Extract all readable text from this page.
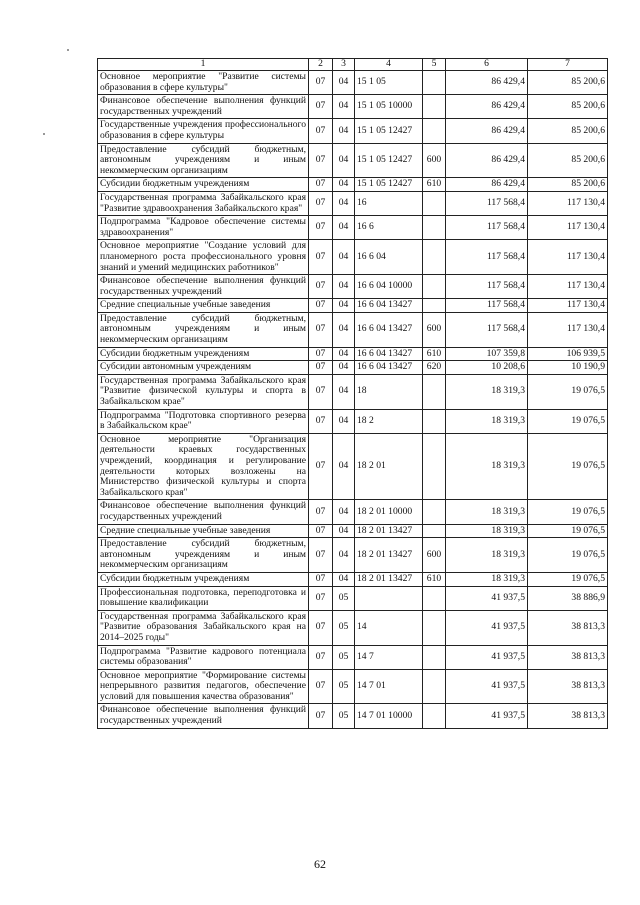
1	2	3	4	5	6	7
Основное мероприятие "Развитие системы образования в сфере культуры"	07	04	15 1 05		86 429,4	85 200,6
Финансовое обеспечение выполнения функций государственных учреждений	07	04	15 1 05 10000		86 429,4	85 200,6
Государственные учреждения профессионального образования в сфере культуры	07	04	15 1 05 12427		86 429,4	85 200,6
Предоставление субсидий бюджетным, автономным учреждениям и иным некоммерческим организациям	07	04	15 1 05 12427	600	86 429,4	85 200,6
Субсидии бюджетным учреждениям	07	04	15 1 05 12427	610	86 429,4	85 200,6
Государственная программа Забайкальского края "Развитие здравоохранения Забайкальского края"	07	04	16		117 568,4	117 130,4
Подпрограмма "Кадровое обеспечение системы здравоохранения"	07	04	16 6		117 568,4	117 130,4
Основное мероприятие "Создание условий для планомерного роста профессионального уровня знаний и умений медицинских работников"	07	04	16 6 04		117 568,4	117 130,4
Финансовое обеспечение выполнения функций государственных учреждений	07	04	16 6 04 10000		117 568,4	117 130,4
Средние специальные учебные заведения	07	04	16 6 04 13427		117 568,4	117 130,4
Предоставление субсидий бюджетным, автономным учреждениям и иным некоммерческим организациям	07	04	16 6 04 13427	600	117 568,4	117 130,4
Субсидии бюджетным учреждениям	07	04	16 6 04 13427	610	107 359,8	106 939,5
Субсидии автономным учреждениям	07	04	16 6 04 13427	620	10 208,6	10 190,9
Государственная программа Забайкальского края "Развитие физической культуры и спорта в Забайкальском крае"	07	04	18		18 319,3	19 076,5
Подпрограмма "Подготовка спортивного резерва в Забайкальском крае"	07	04	18 2		18 319,3	19 076,5
Основное мероприятие "Организация деятельности краевых государственных учреждений, координация и регулирование деятельности которых возложены на Министерство физической культуры и спорта Забайкальского края"	07	04	18 2 01		18 319,3	19 076,5
Финансовое обеспечение выполнения функций государственных учреждений	07	04	18 2 01 10000		18 319,3	19 076,5
Средние специальные учебные заведения	07	04	18 2 01 13427		18 319,3	19 076,5
Предоставление субсидий бюджетным, автономным учреждениям и иным некоммерческим организациям	07	04	18 2 01 13427	600	18 319,3	19 076,5
Субсидии бюджетным учреждениям	07	04	18 2 01 13427	610	18 319,3	19 076,5
Профессиональная подготовка, переподготовка и повышение квалификации	07	05			41 937,5	38 886,9
Государственная программа Забайкальского края "Развитие образования Забайкальского края на 2014–2025 годы"	07	05	14		41 937,5	38 813,3
Подпрограмма "Развитие кадрового потенциала системы образования"	07	05	14 7		41 937,5	38 813,3
Основное мероприятие "Формирование системы непрерывного развития педагогов, обеспечение условий для повышения качества образования"	07	05	14 7 01		41 937,5	38 813,3
Финансовое обеспечение выполнения функций государственных учреждений	07	05	14 7 01 10000		41 937,5	38 813,3
62
